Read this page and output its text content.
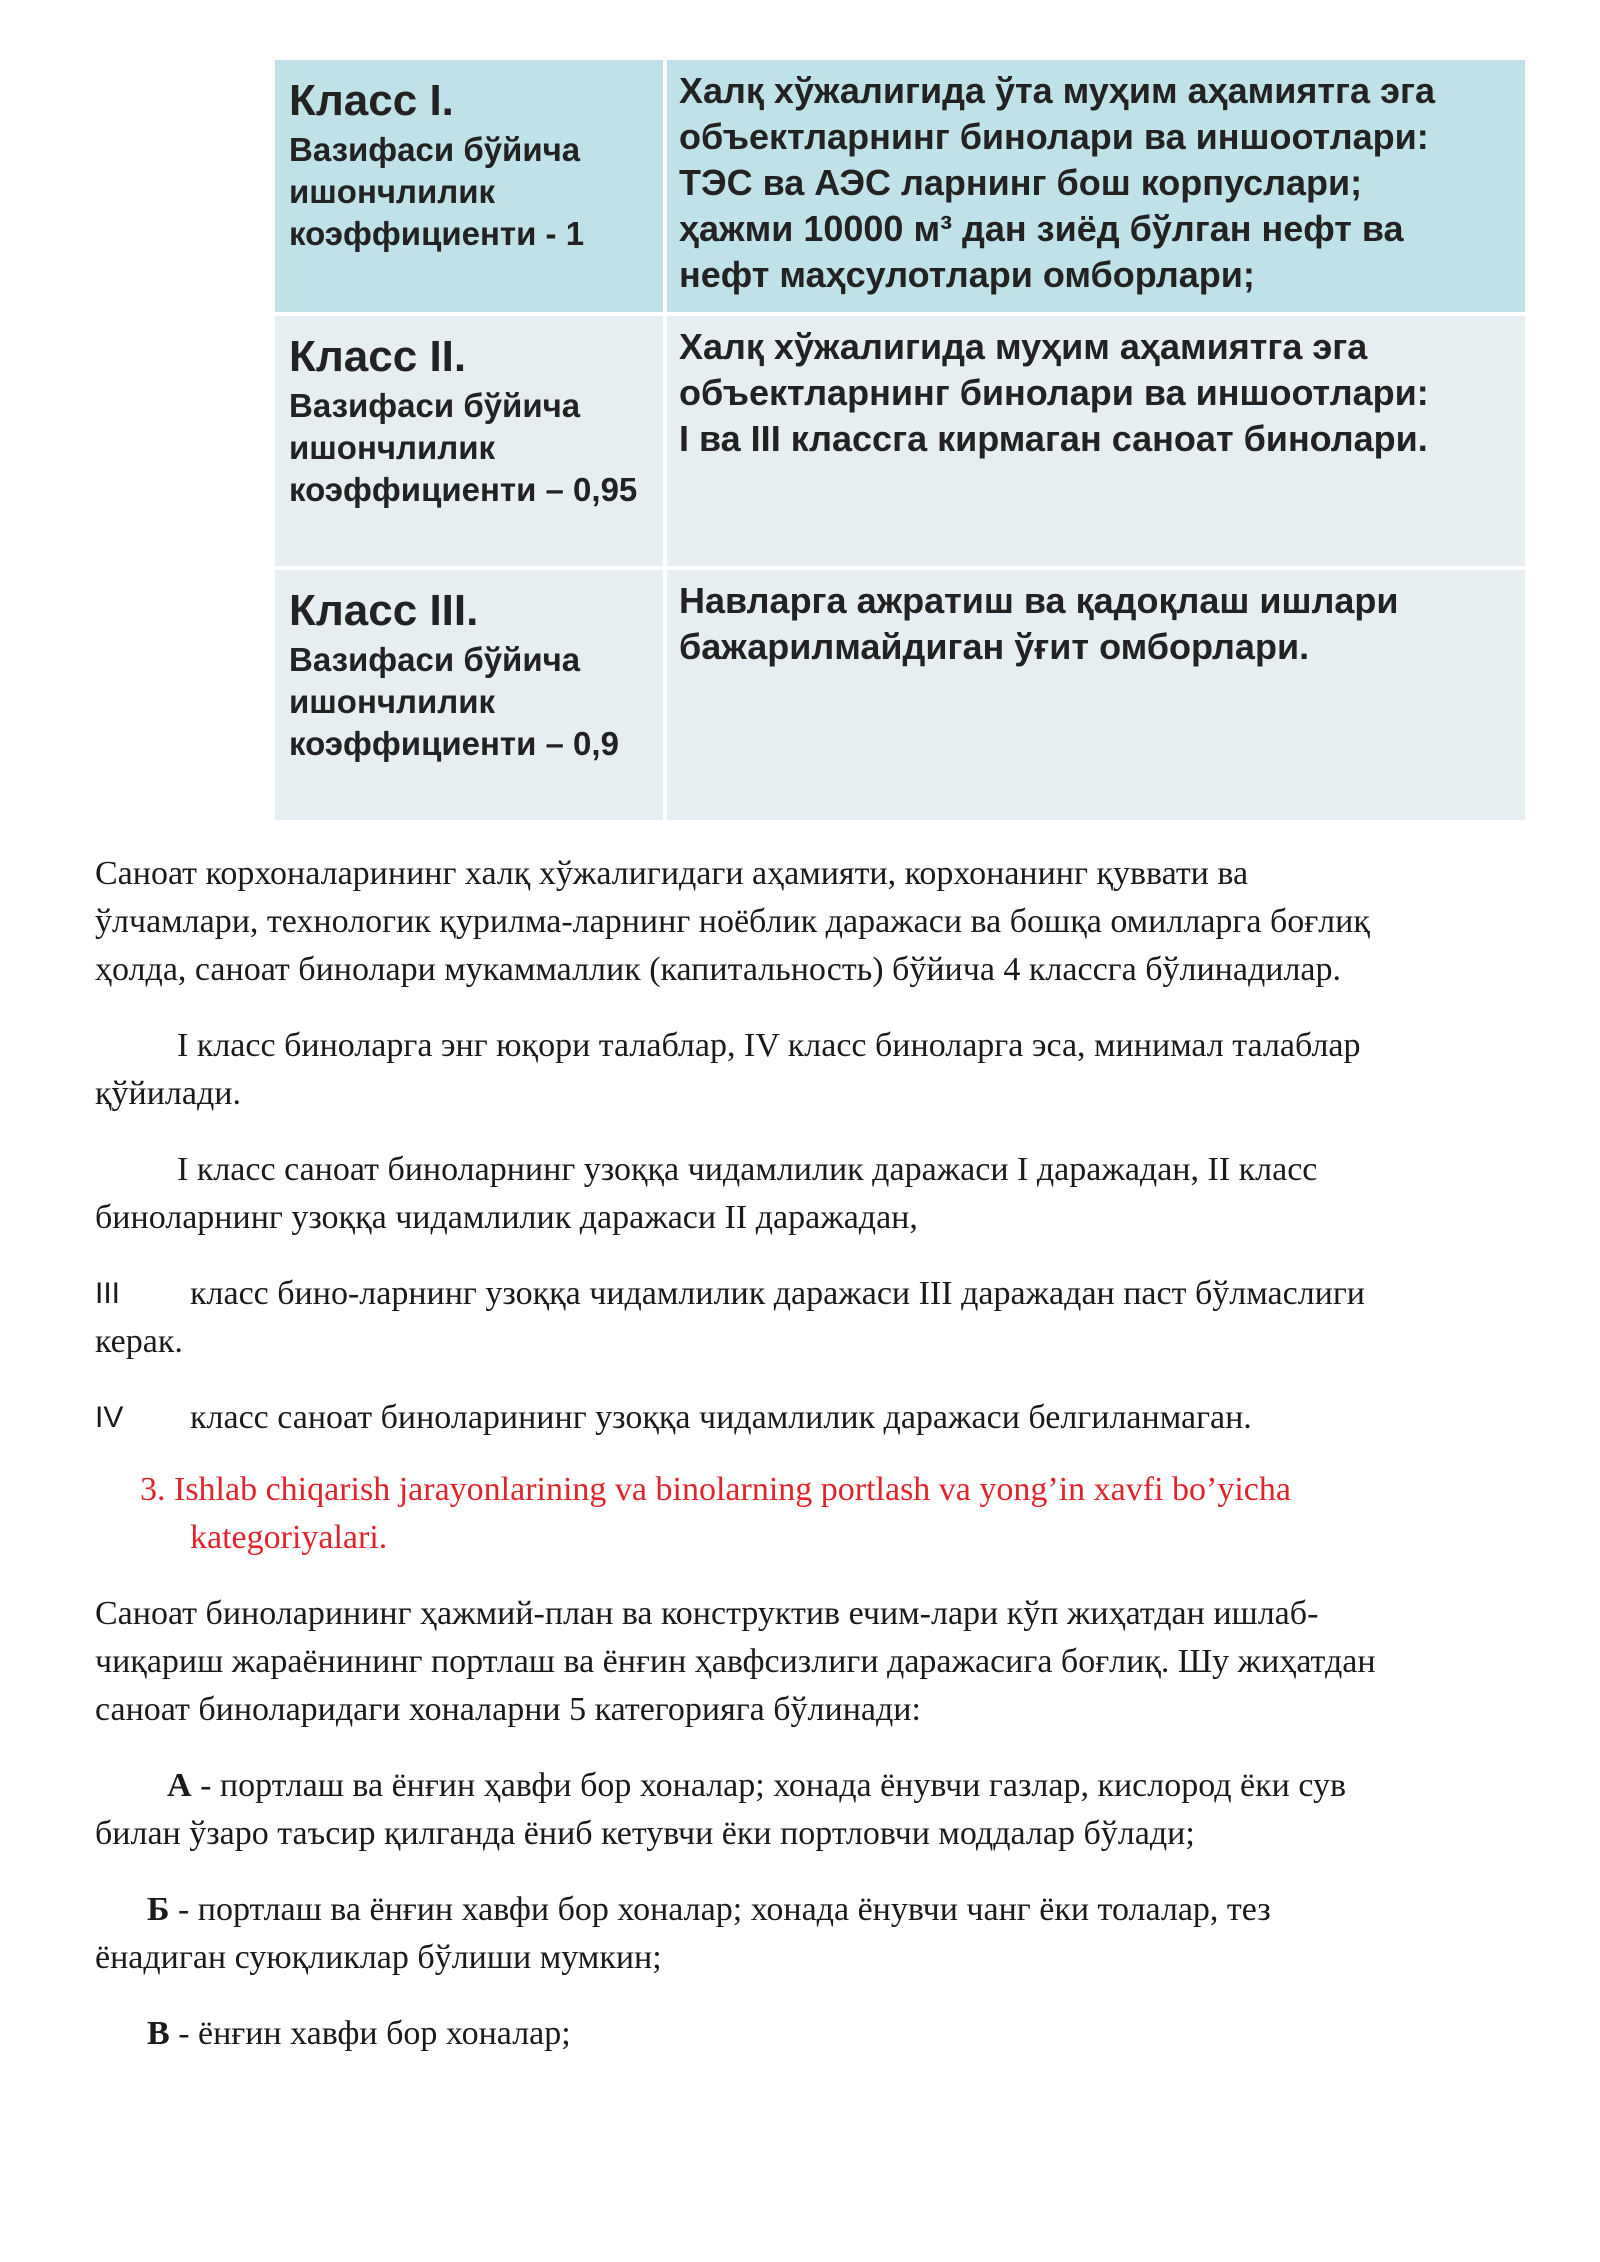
Класс I.
Вазифаси бўйича
ишончлилик
коэффициенти - 1
Халқ хўжалигида ўта муҳим аҳамиятга эга
объектларнинг бинолари ва иншоотлари:
ТЭС ва АЭС ларнинг бош корпуслари;
ҳажми 10000 м³ дан зиёд бўлган нефт ва
нефт маҳсулотлари омборлари;
Класс II.
Вазифаси бўйича
ишончлилик
коэффициенти – 0,95
Халқ хўжалигида муҳим аҳамиятга эга
объектларнинг бинолари ва иншоотлари:
I ва III классга кирмаган саноат бинолари.
Класс III.
Вазифаси бўйича
ишончлилик
коэффициенти – 0,9
Навларга ажратиш ва қадоқлаш ишлари
бажарилмайдиган ўғит омборлари.

Саноат корхоналарининг халқ хўжалигидаги аҳамияти, корхонанинг қуввати ва
ўлчамлари, технологик қурилма-ларнинг ноёблик даражаси ва бошқа омилларга боғлиқ
ҳолда, саноат бинолари мукаммаллик (капитальность) бўйича 4 классга бўлинадилар.

I класс биноларга энг юқори талаблар, IV класс биноларга эса, минимал талаблар
қўйилади.

I класс саноат биноларнинг узоққа чидамлилик даражаси I даражадан, II класс
биноларнинг узоққа чидамлилик даражаси II даражадан,

III	класс бино-ларнинг узоққа чидамлилик даражаси III даражадан паст бўлмаслиги
керак.
IV	класс саноат биноларининг узоққа чидамлилик даражаси белгиланмаган.
3. Ishlab chiqarish jarayonlarining va binolarning portlash va yong’in xavfi bo’yicha
kategoriyalari.

Саноат биноларининг ҳажмий-план ва конструктив ечим-лари кўп жиҳатдан ишлаб-
чиқариш жараёнининг портлаш ва ёнғин ҳавфсизлиги даражасига боғлиқ. Шу жиҳатдан
саноат биноларидаги хоналарни 5 категорияга бўлинади:

А - портлаш ва ёнғин ҳавфи бор хоналар; хонада ёнувчи газлар, кислород ёки сув
билан ўзаро таъсир қилганда ёниб кетувчи ёки портловчи моддалар бўлади;

Б - портлаш ва ёнғин хавфи бор хоналар; хонада ёнувчи чанг ёки толалар, тез
ёнадиган суюқликлар бўлиши мумкин;

В - ёнғин хавфи бор хоналар;
